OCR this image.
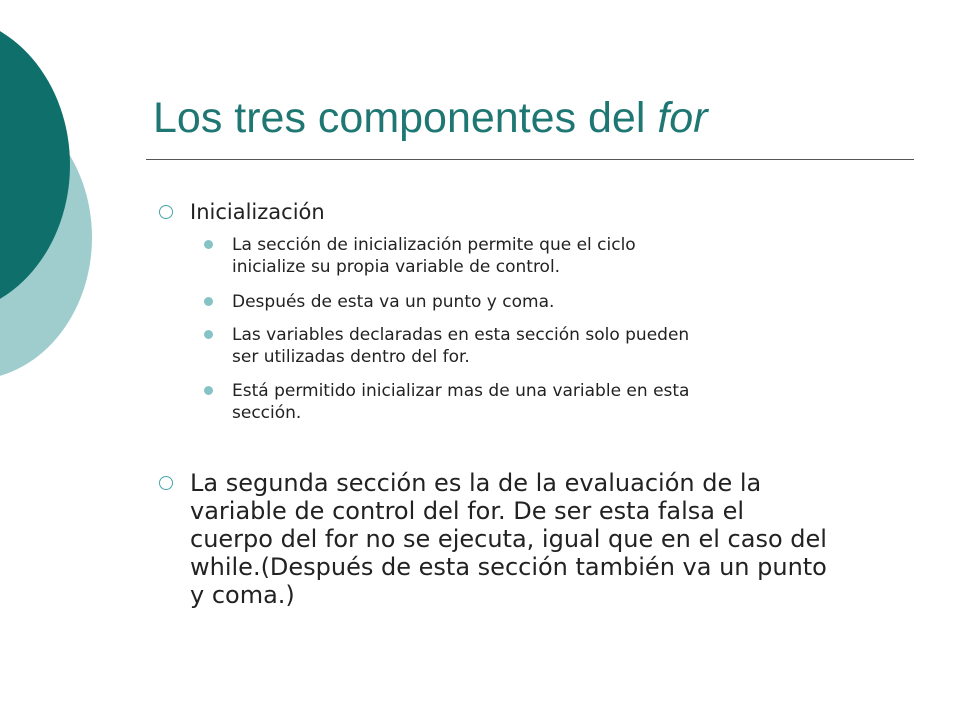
Los tres componentes del for
Inicialización
La sección de inicialización permite que el ciclo
inicialize su propia variable de control.
Después de esta va un punto y coma.
Las variables declaradas en esta sección solo pueden
ser utilizadas dentro del for.
Está permitido inicializar mas de una variable en esta
sección.
La segunda sección es la de la evaluación de la
variable de control del for. De ser esta falsa el
cuerpo del for no se ejecuta, igual que en el caso del
while.(Después de esta sección también va un punto
y coma.)
